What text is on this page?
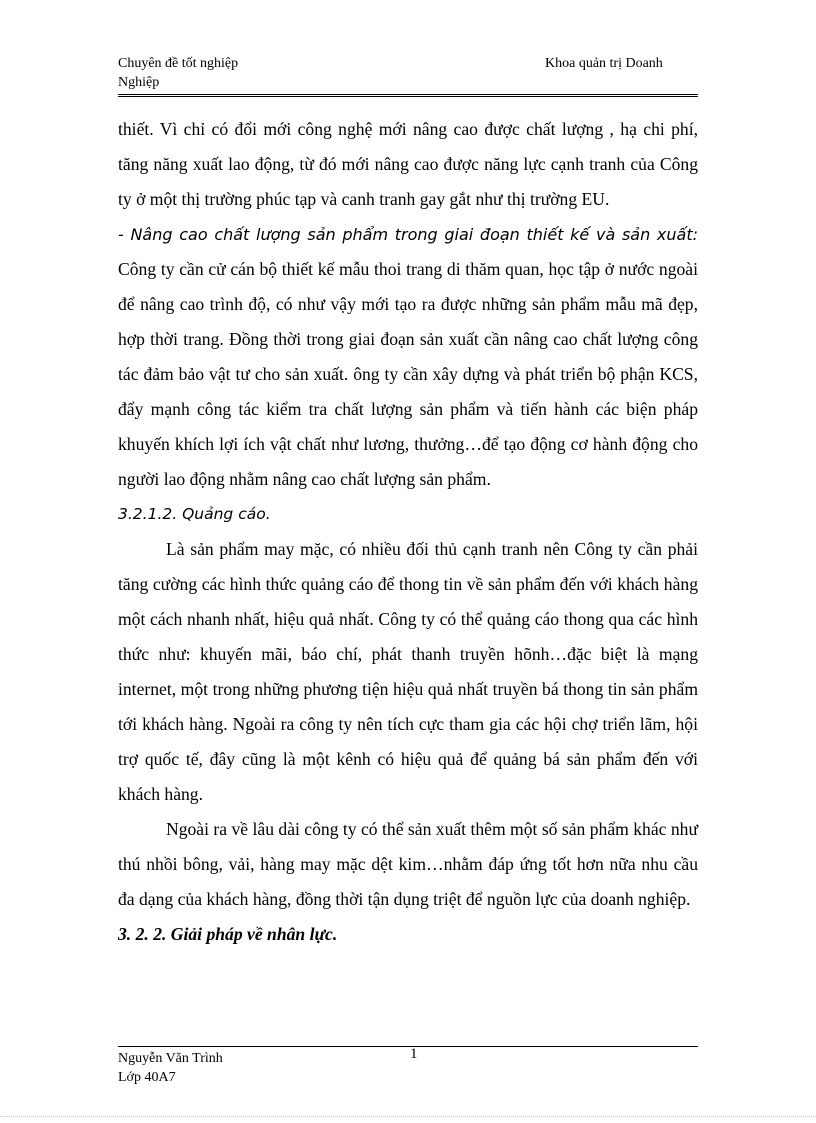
Chuyên đề tốt nghiệp
Nghiệp
Khoa quản trị Doanh

thiết. Vì chỉ có đổi mới công nghệ mới nâng cao được chất lượng , hạ chi phí, tăng năng xuất lao động, từ đó mới nâng cao được năng lực cạnh tranh của Công ty ở một thị trường phúc tạp và canh tranh gay gắt như thị trường EU.

- Nâng cao chất lượng sản phẩm trong giai đoạn thiết kế và sản xuất: Công ty cần cử cán bộ thiết kế mẫu thoi trang di thăm quan, học tập ở nước ngoài để nâng cao trình độ, có như vậy mới tạo ra được những sản phẩm mẫu mã đẹp, hợp thời trang. Đồng thời trong giai đoạn sản xuất cần nâng cao chất lượng công tác đảm bảo vật tư cho sản xuất. ông ty cần xây dựng và phát triển bộ phận KCS, đẩy mạnh công tác kiểm tra chất lượng sản phẩm và tiến hành các biện pháp khuyến khích lợi ích vật chất như lương, thưởng…để tạo động cơ hành động cho người lao động nhằm nâng cao chất lượng sản phẩm.

3.2.1.2. Quảng cáo.

Là sản phẩm may mặc, có nhiều đối thủ cạnh tranh nên Công ty cần phải tăng cường các hình thức quảng cáo để thong tin về sản phẩm đến với khách hàng một cách nhanh nhất, hiệu quả nhất. Công ty có thể quảng cáo thong qua các hình thức như: khuyến mãi, báo chí, phát thanh truyền hõnh…đặc biệt là mạng internet, một trong những phương tiện hiệu quả nhất truyền bá thong tin sản phẩm tới khách hàng. Ngoài ra công ty nên tích cực tham gia các hội chợ triển lãm, hội trợ quốc tế, đây cũng là một kênh có hiệu quả để quảng bá sản phẩm đến với khách hàng.

Ngoài ra về lâu dài công ty có thể sản xuất thêm một số sản phẩm khác như thú nhồi bông, vải, hàng may mặc dệt kim…nhằm đáp ứng tốt hơn nữa nhu cầu đa dạng của khách hàng, đồng thời tận dụng triệt để nguồn lực của doanh nghiệp.

3. 2. 2. Giải pháp về nhân lực.

Nguyễn Văn Trình
Lớp 40A7
1
